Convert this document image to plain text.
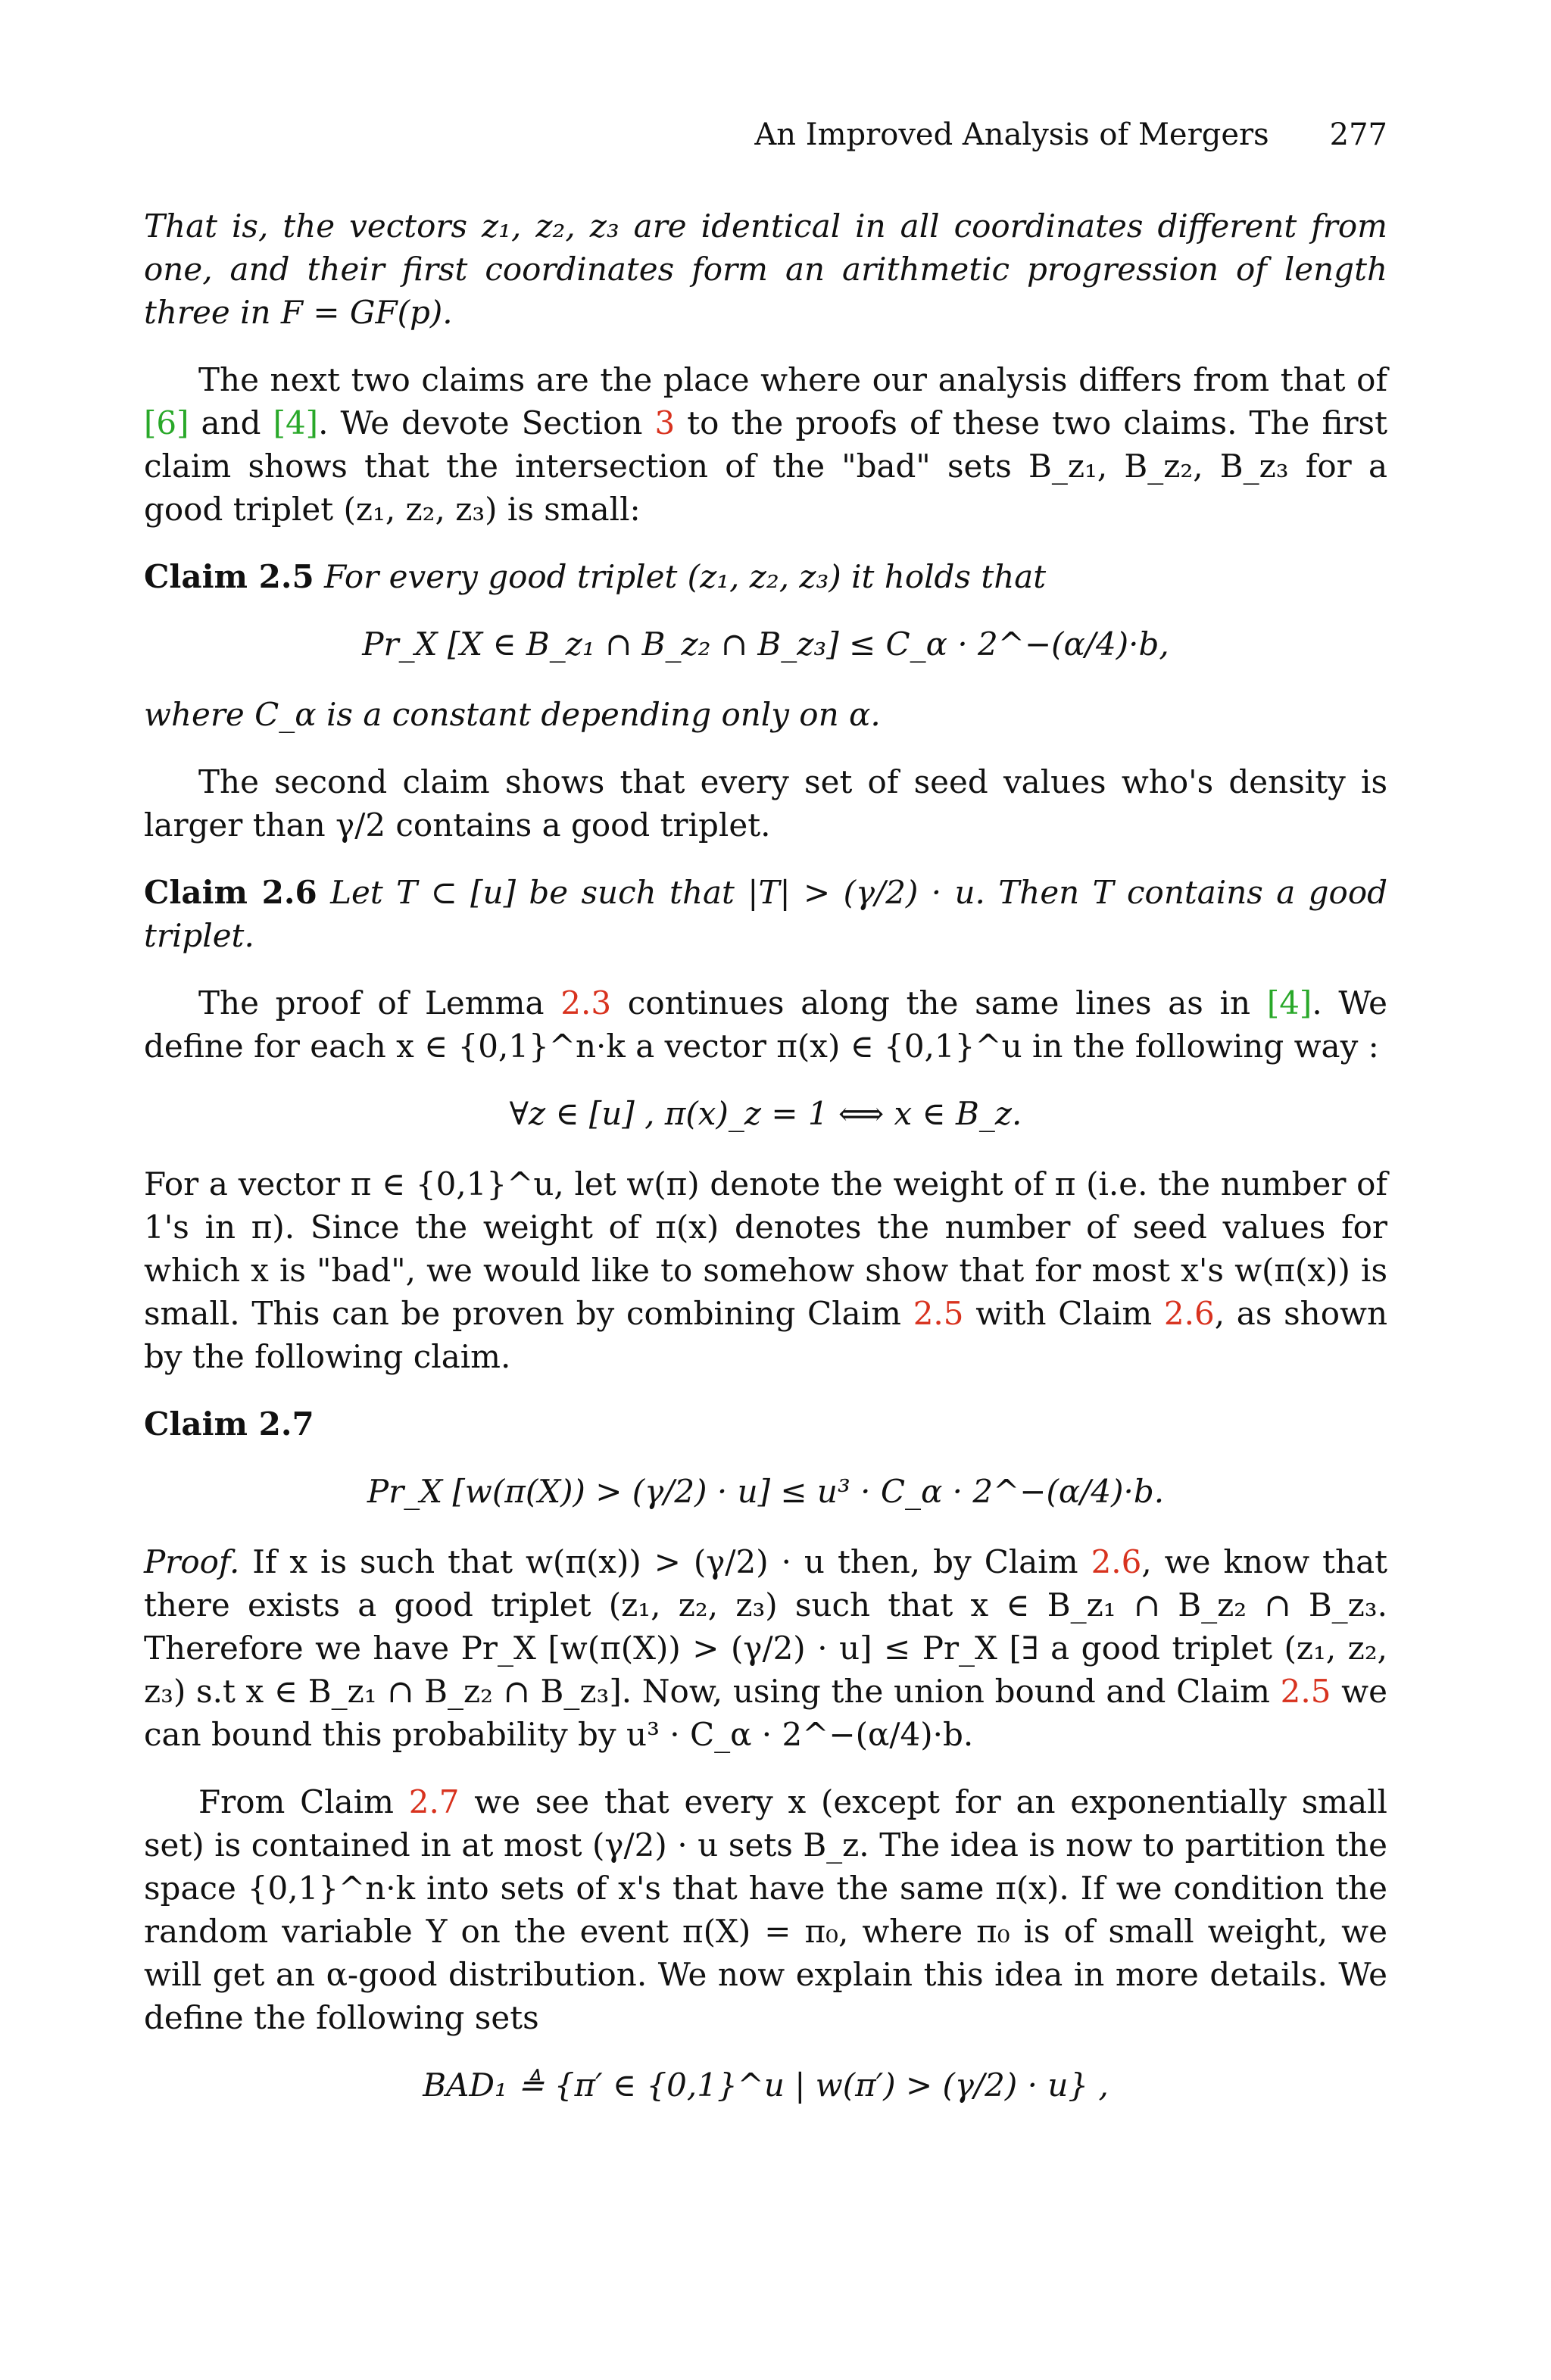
An Improved Analysis of Mergers 277

That is, the vectors z₁, z₂, z₃ are identical in all coordinates different from one, and their first coordinates form an arithmetic progression of length three in F = GF(p).

The next two claims are the place where our analysis differs from that of [6] and [4]. We devote Section 3 to the proofs of these two claims. The first claim shows that the intersection of the "bad" sets B_z₁, B_z₂, B_z₃ for a good triplet (z₁, z₂, z₃) is small:

Claim 2.5 For every good triplet (z₁, z₂, z₃) it holds that

Pr_X [X ∈ B_z₁ ∩ B_z₂ ∩ B_z₃] ≤ C_α · 2^−(α/4)·b,

where C_α is a constant depending only on α.

The second claim shows that every set of seed values who's density is larger than γ/2 contains a good triplet.

Claim 2.6 Let T ⊂ [u] be such that |T| > (γ/2) · u. Then T contains a good triplet.

The proof of Lemma 2.3 continues along the same lines as in [4]. We define for each x ∈ {0,1}^n·k a vector π(x) ∈ {0,1}^u in the following way :

∀z ∈ [u] , π(x)_z = 1 ⟺ x ∈ B_z.

For a vector π ∈ {0,1}^u, let w(π) denote the weight of π (i.e. the number of 1's in π). Since the weight of π(x) denotes the number of seed values for which x is "bad", we would like to somehow show that for most x's w(π(x)) is small. This can be proven by combining Claim 2.5 with Claim 2.6, as shown by the following claim.

Claim 2.7

Pr_X [w(π(X)) > (γ/2) · u] ≤ u³ · C_α · 2^−(α/4)·b.

Proof. If x is such that w(π(x)) > (γ/2) · u then, by Claim 2.6, we know that there exists a good triplet (z₁, z₂, z₃) such that x ∈ B_z₁ ∩ B_z₂ ∩ B_z₃. Therefore we have Pr_X [w(π(X)) > (γ/2) · u] ≤ Pr_X [∃ a good triplet (z₁, z₂, z₃) s.t x ∈ B_z₁ ∩ B_z₂ ∩ B_z₃]. Now, using the union bound and Claim 2.5 we can bound this probability by u³ · C_α · 2^−(α/4)·b.

From Claim 2.7 we see that every x (except for an exponentially small set) is contained in at most (γ/2) · u sets B_z. The idea is now to partition the space {0,1}^n·k into sets of x's that have the same π(x). If we condition the random variable Y on the event π(X) = π₀, where π₀ is of small weight, we will get an α-good distribution. We now explain this idea in more details. We define the following sets

BAD₁ ≜ {π′ ∈ {0,1}^u | w(π′) > (γ/2) · u} ,
